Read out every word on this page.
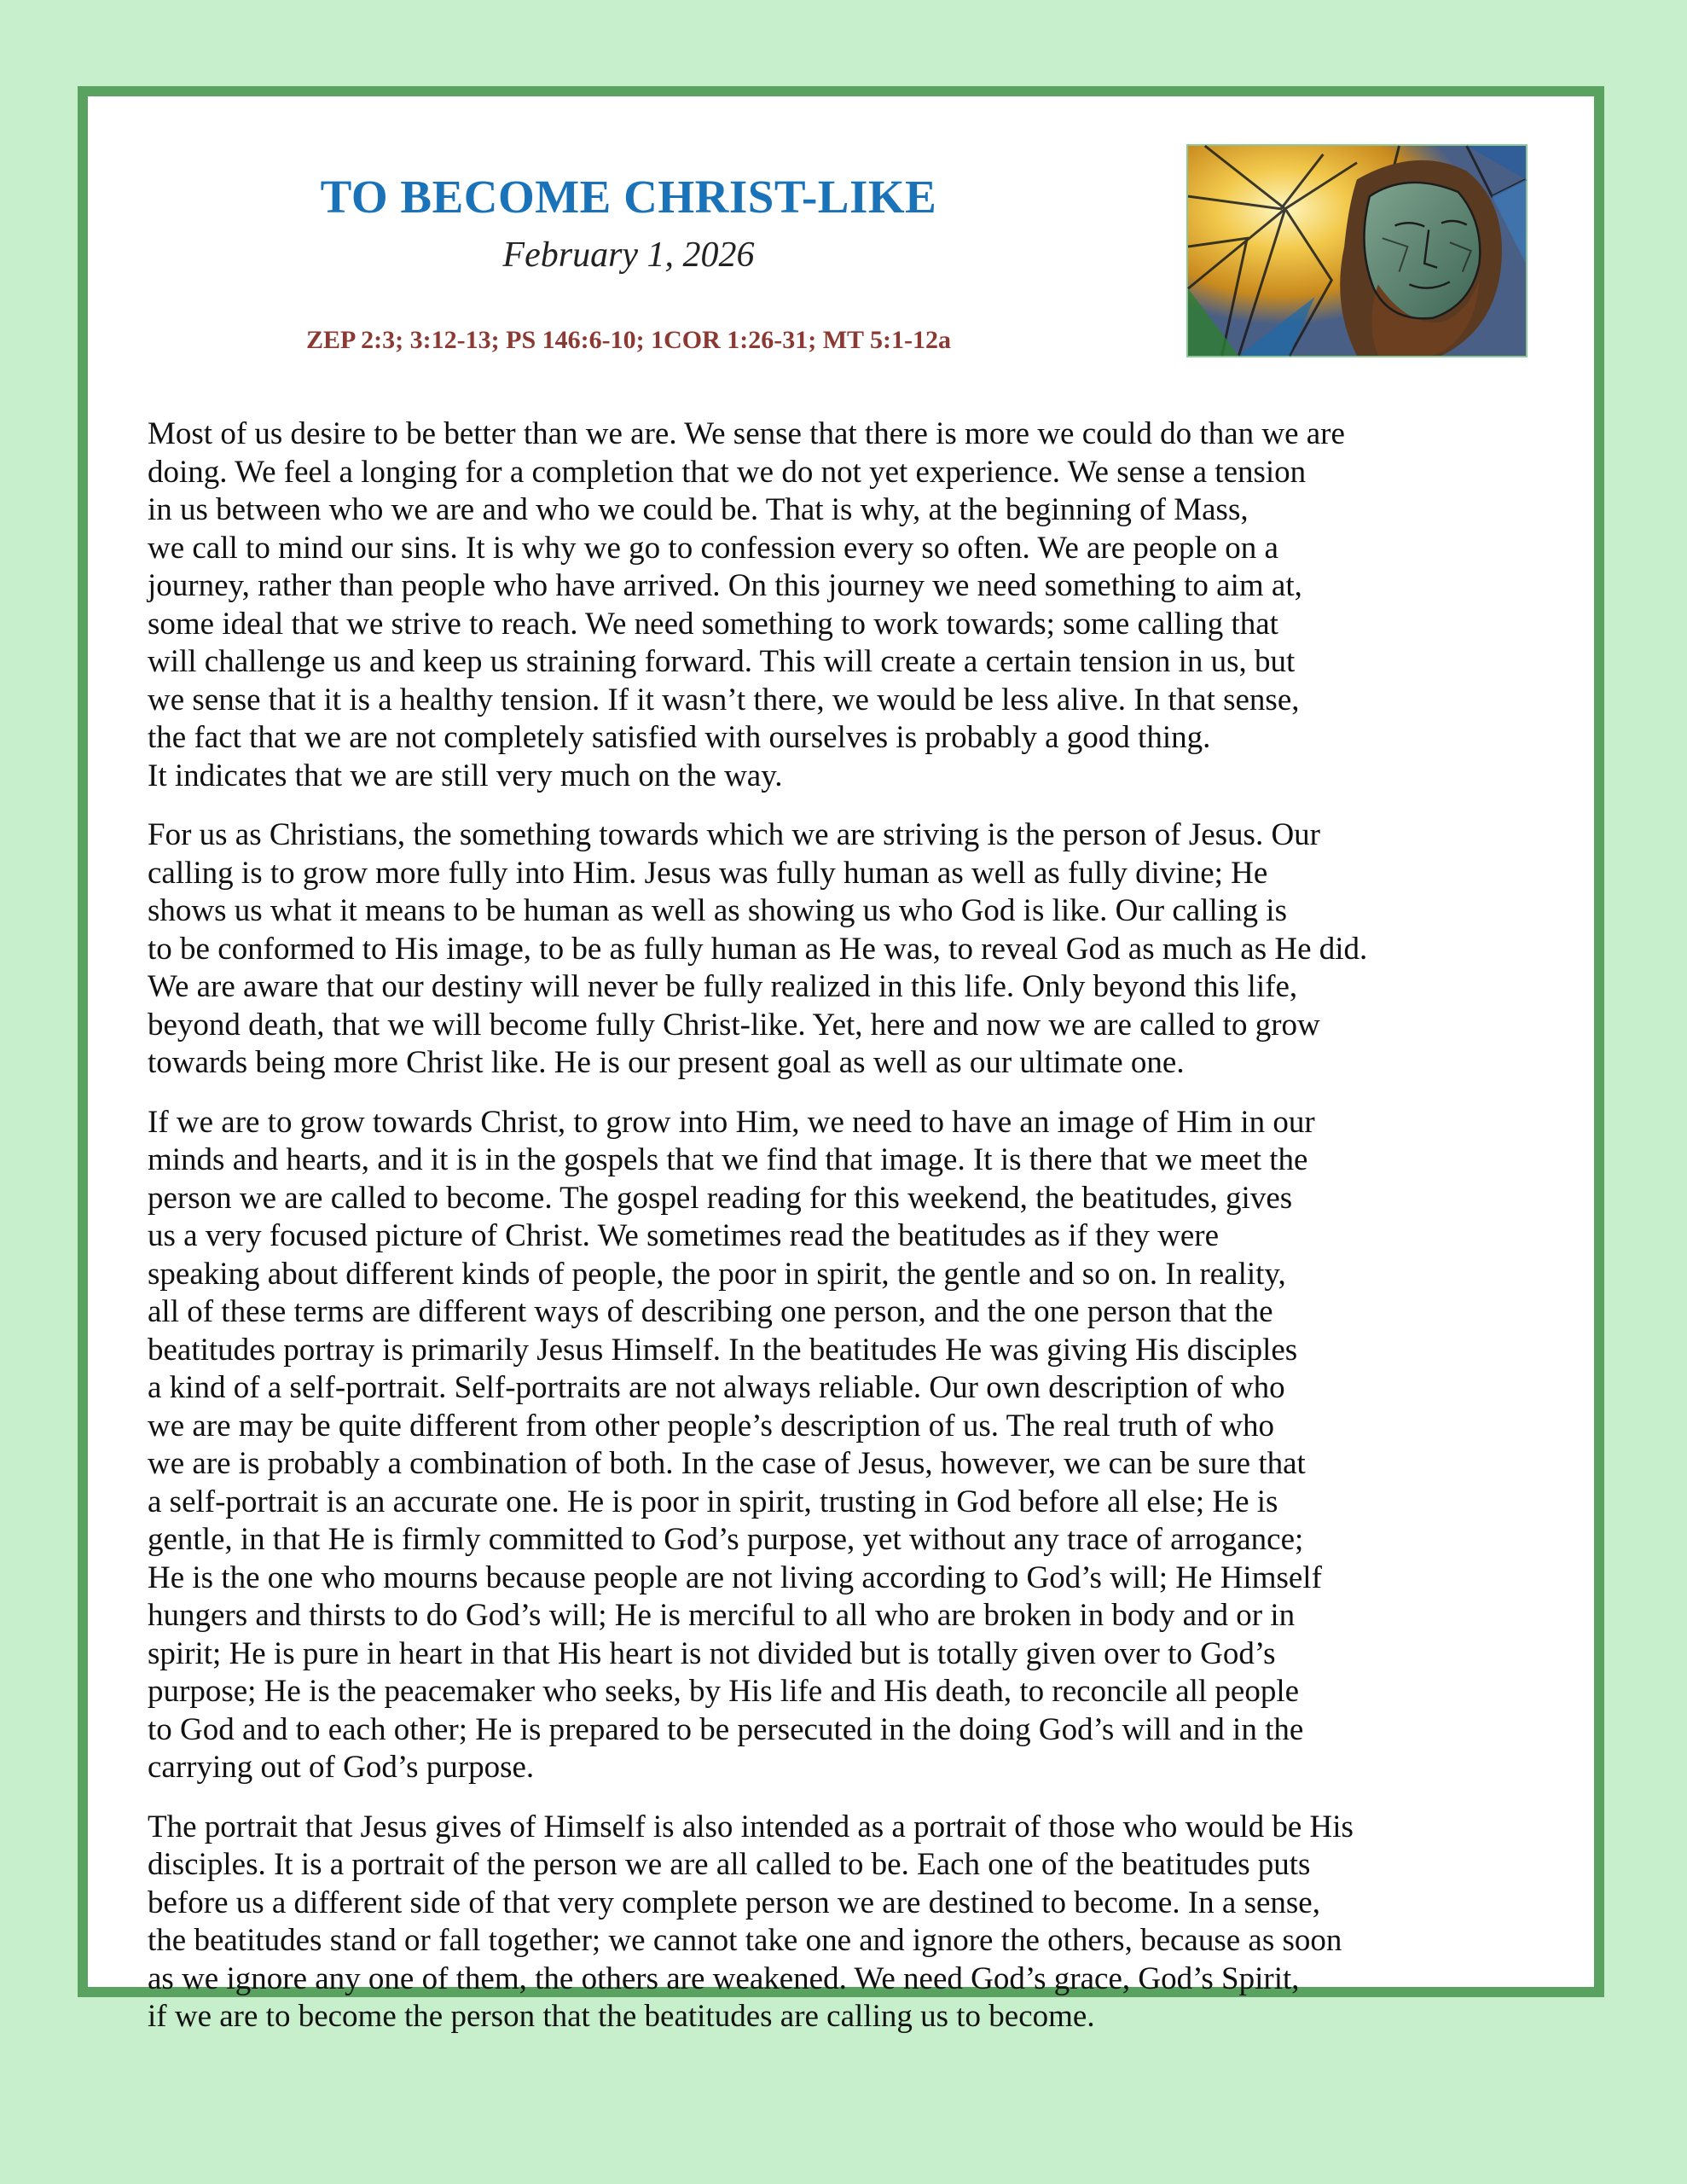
TO BECOME CHRIST-LIKE
February 1, 2026
ZEP 2:3; 3:12-13; PS 146:6-10; 1COR 1:26-31; MT 5:1-12a

Most of us desire to be better than we are. We sense that there is more we could do than we are
doing. We feel a longing for a completion that we do not yet experience. We sense a tension
in us between who we are and who we could be. That is why, at the beginning of Mass,
we call to mind our sins. It is why we go to confession every so often. We are people on a
journey, rather than people who have arrived. On this journey we need something to aim at,
some ideal that we strive to reach. We need something to work towards; some calling that
will challenge us and keep us straining forward. This will create a certain tension in us, but
we sense that it is a healthy tension. If it wasn’t there, we would be less alive. In that sense,
the fact that we are not completely satisfied with ourselves is probably a good thing.
It indicates that we are still very much on the way.

For us as Christians, the something towards which we are striving is the person of Jesus. Our
calling is to grow more fully into Him. Jesus was fully human as well as fully divine; He
shows us what it means to be human as well as showing us who God is like. Our calling is
to be conformed to His image, to be as fully human as He was, to reveal God as much as He did.
We are aware that our destiny will never be fully realized in this life. Only beyond this life,
beyond death, that we will become fully Christ-like. Yet, here and now we are called to grow
towards being more Christ like. He is our present goal as well as our ultimate one.

If we are to grow towards Christ, to grow into Him, we need to have an image of Him in our
minds and hearts, and it is in the gospels that we find that image. It is there that we meet the
person we are called to become. The gospel reading for this weekend, the beatitudes, gives
us a very focused picture of Christ. We sometimes read the beatitudes as if they were
speaking about different kinds of people, the poor in spirit, the gentle and so on. In reality,
all of these terms are different ways of describing one person, and the one person that the
beatitudes portray is primarily Jesus Himself. In the beatitudes He was giving His disciples
a kind of a self-portrait. Self-portraits are not always reliable. Our own description of who
we are may be quite different from other people’s description of us. The real truth of who
we are is probably a combination of both. In the case of Jesus, however, we can be sure that
a self-portrait is an accurate one. He is poor in spirit, trusting in God before all else; He is
gentle, in that He is firmly committed to God’s purpose, yet without any trace of arrogance;
He is the one who mourns because people are not living according to God’s will; He Himself
hungers and thirsts to do God’s will; He is merciful to all who are broken in body and or in
spirit; He is pure in heart in that His heart is not divided but is totally given over to God’s
purpose; He is the peacemaker who seeks, by His life and His death, to reconcile all people
to God and to each other; He is prepared to be persecuted in the doing God’s will and in the
carrying out of God’s purpose.

The portrait that Jesus gives of Himself is also intended as a portrait of those who would be His
disciples. It is a portrait of the person we are all called to be. Each one of the beatitudes puts
before us a different side of that very complete person we are destined to become. In a sense,
the beatitudes stand or fall together; we cannot take one and ignore the others, because as soon
as we ignore any one of them, the others are weakened. We need God’s grace, God’s Spirit,
if we are to become the person that the beatitudes are calling us to become.
